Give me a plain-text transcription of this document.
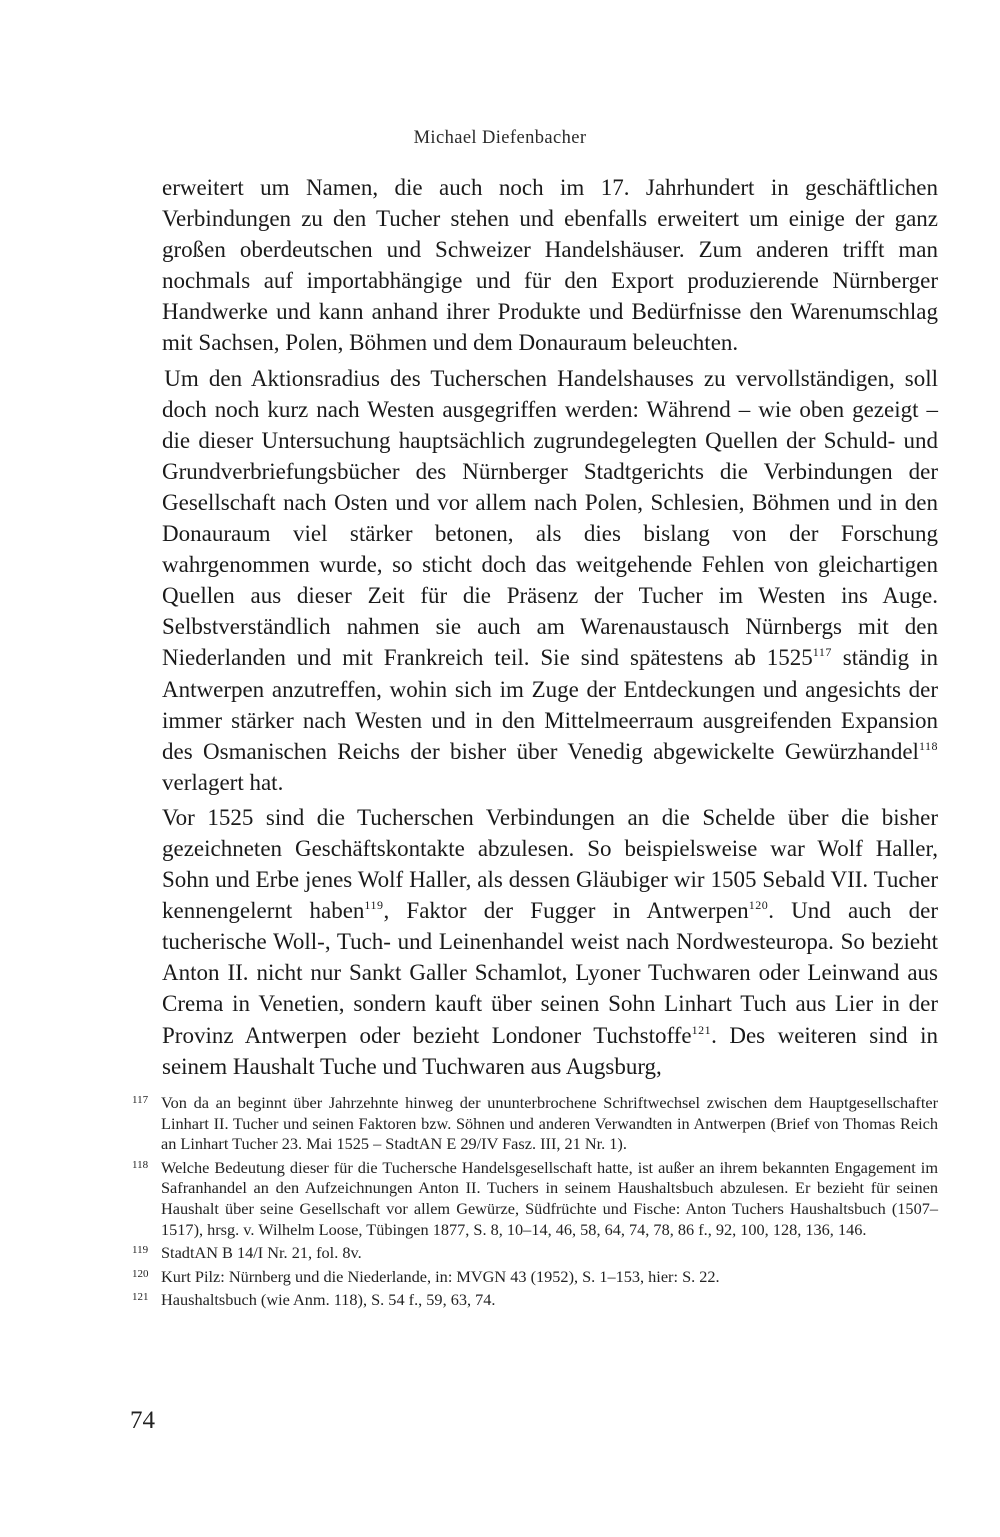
Michael Diefenbacher

erweitert um Namen, die auch noch im 17. Jahrhundert in geschäftlichen Verbindungen zu den Tucher stehen und ebenfalls erweitert um einige der ganz großen oberdeutschen und Schweizer Handelshäuser. Zum anderen trifft man nochmals auf importabhängige und für den Export produzierende Nürnberger Handwerke und kann anhand ihrer Produkte und Bedürfnisse den Warenumschlag mit Sachsen, Polen, Böhmen und dem Donauraum beleuchten.

Um den Aktionsradius des Tucherschen Handelshauses zu vervollständigen, soll doch noch kurz nach Westen ausgegriffen werden: Während – wie oben gezeigt – die dieser Untersuchung hauptsächlich zugrundegelegten Quellen der Schuld- und Grundverbriefungsbücher des Nürnberger Stadtgerichts die Verbindungen der Gesellschaft nach Osten und vor allem nach Polen, Schlesien, Böhmen und in den Donauraum viel stärker betonen, als dies bislang von der Forschung wahrgenommen wurde, so sticht doch das weitgehende Fehlen von gleichartigen Quellen aus dieser Zeit für die Präsenz der Tucher im Westen ins Auge. Selbstverständlich nahmen sie auch am Warenaustausch Nürnbergs mit den Niederlanden und mit Frankreich teil. Sie sind spätestens ab 1525$^{117}$ ständig in Antwerpen anzutreffen, wohin sich im Zuge der Entdeckungen und angesichts der immer stärker nach Westen und in den Mittelmeerraum ausgreifenden Expansion des Osmanischen Reichs der bisher über Venedig abgewickelte Gewürzhandel$^{118}$ verlagert hat.

Vor 1525 sind die Tucherschen Verbindungen an die Schelde über die bisher gezeichneten Geschäftskontakte abzulesen. So beispielsweise war Wolf Haller, Sohn und Erbe jenes Wolf Haller, als dessen Gläubiger wir 1505 Sebald VII. Tucher kennengelernt haben$^{119}$, Faktor der Fugger in Antwerpen$^{120}$. Und auch der tucherische Woll-, Tuch- und Leinenhandel weist nach Nordwesteuropa. So bezieht Anton II. nicht nur Sankt Galler Schamlot, Lyoner Tuchwaren oder Leinwand aus Crema in Venetien, sondern kauft über seinen Sohn Linhart Tuch aus Lier in der Provinz Antwerpen oder bezieht Londoner Tuchstoffe$^{121}$. Des weiteren sind in seinem Haushalt Tuche und Tuchwaren aus Augsburg,

117 Von da an beginnt über Jahrzehnte hinweg der ununterbrochene Schriftwechsel zwischen dem Hauptgesellschafter Linhart II. Tucher und seinen Faktoren bzw. Söhnen und anderen Verwandten in Antwerpen (Brief von Thomas Reich an Linhart Tucher 23. Mai 1525 – StadtAN E 29/IV Fasz. III, 21 Nr. 1).
118 Welche Bedeutung dieser für die Tuchersche Handelsgesellschaft hatte, ist außer an ihrem bekannten Engagement im Safranhandel an den Aufzeichnungen Anton II. Tuchers in seinem Haushaltsbuch abzulesen. Er bezieht für seinen Haushalt über seine Gesellschaft vor allem Gewürze, Südfrüchte und Fische: Anton Tuchers Haushaltsbuch (1507–1517), hrsg. v. Wilhelm Loose, Tübingen 1877, S. 8, 10–14, 46, 58, 64, 74, 78, 86 f., 92, 100, 128, 136, 146.
119 StadtAN B 14/I Nr. 21, fol. 8v.
120 Kurt Pilz: Nürnberg und die Niederlande, in: MVGN 43 (1952), S. 1–153, hier: S. 22.
121 Haushaltsbuch (wie Anm. 118), S. 54 f., 59, 63, 74.
74
